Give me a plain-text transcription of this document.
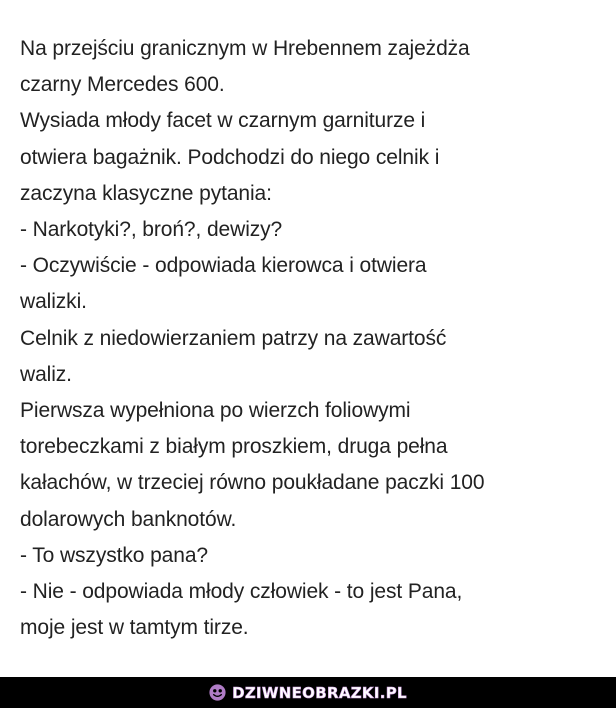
Na przejściu granicznym w Hrebennem zajeżdża
czarny Mercedes 600.
Wysiada młody facet w czarnym garniturze i
otwiera bagażnik. Podchodzi do niego celnik i
zaczyna klasyczne pytania:
- Narkotyki?, broń?, dewizy?
- Oczywiście - odpowiada kierowca i otwiera
walizki.
Celnik z niedowierzaniem patrzy na zawartość
waliz.
Pierwsza wypełniona po wierzch foliowymi
torebeczkami z białym proszkiem, druga pełna
kałachów, w trzeciej równo poukładane paczki 100
dolarowych banknotów.
- To wszystko pana?
- Nie - odpowiada młody człowiek - to jest Pana,
moje jest w tamtym tirze.
DZIWNEOBRAZKI.PL
